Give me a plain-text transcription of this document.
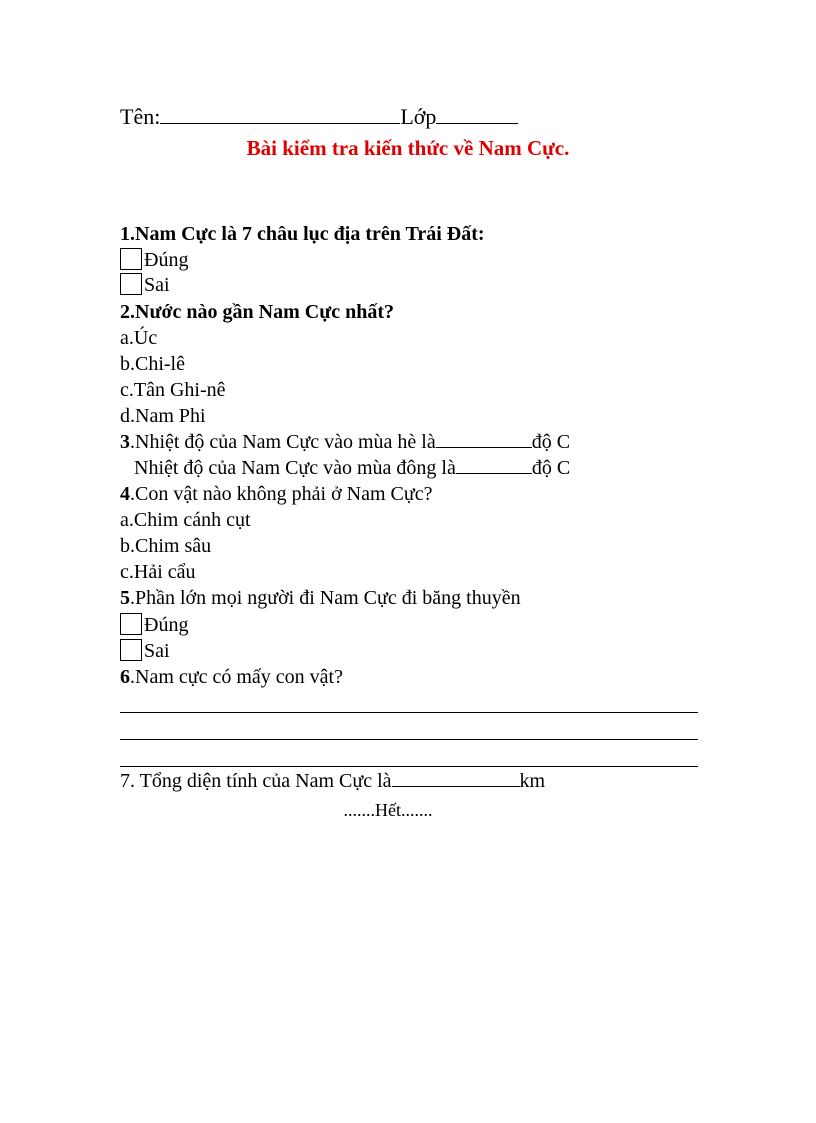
Tên:	Lớp
Bài kiểm tra kiến thức về Nam Cực.
1.Nam Cực là 7 châu lục địa trên Trái Đất:
Đúng
Sai
2.Nước nào gần Nam Cực nhất?
a.Úc
b.Chi-lê
c.Tân Ghi-nê
d.Nam Phi
3.Nhiệt độ của Nam Cực vào mùa hè là	độ C
Nhiệt độ của Nam Cực vào mùa đông là	độ C
4.Con vật nào không phải ở Nam Cực?
a.Chim cánh cụt
b.Chim sâu
c.Hải cẩu
5.Phần lớn mọi người đi Nam Cực đi băng thuyền
Đúng
Sai
6.Nam cực có mấy con vật?
7. Tổng diện tính của Nam Cực là	km
.......Hết.......
